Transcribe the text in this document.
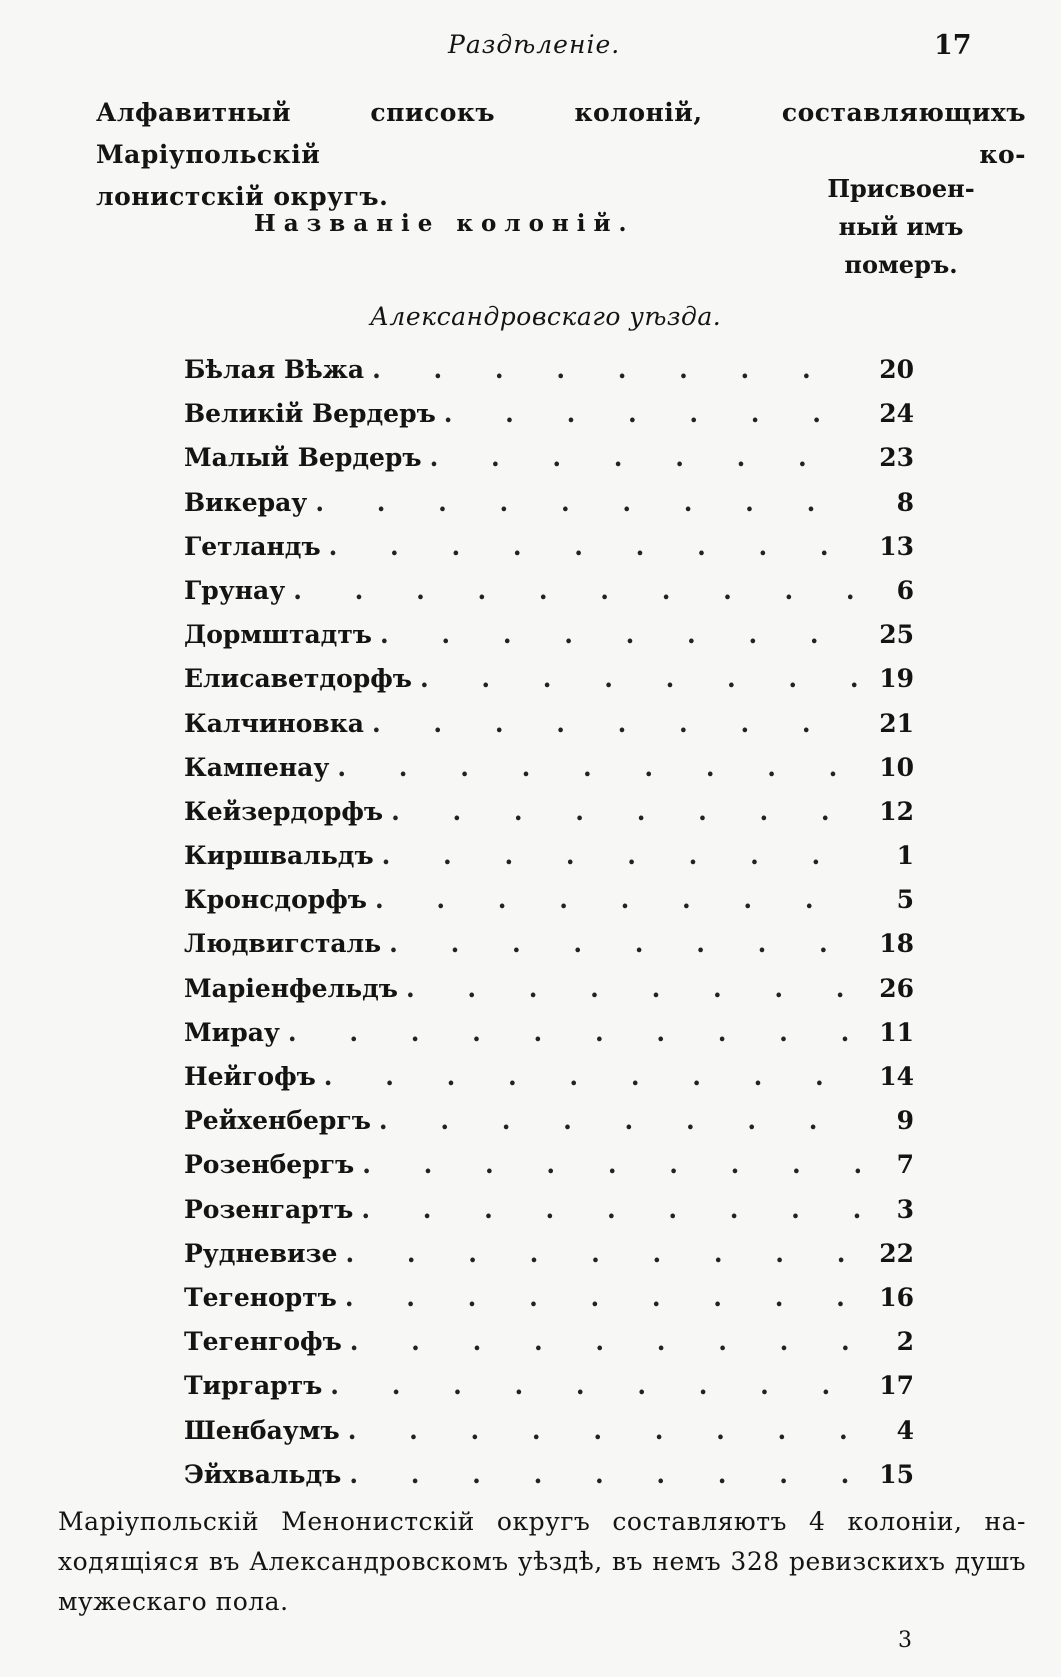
Раздѣленіе.	17
Алфавитный списокъ колоній, составляющихъ Маріупольскій ко-
лонистскій округъ.
Названіе колоній.
Присвоен-
ный имъ
померъ.
Александровскаго уѣзда.
Бѣлая Вѣжа . . .	20
Великій Вердеръ . . .	24
Малый Вердеръ . . .	23
Викерау . . .	8
Гетландъ . . .	13
Грунау . . .	6
Дормштадтъ . . .	25
Елисаветдорфъ . . .	19
Калчиновка . . .	21
Кампенау . . .	10
Кейзердорфъ . . .	12
Киршвальдъ . . .	1
Кронсдорфъ . . .	5
Людвигсталь . . .	18
Маріенфельдъ . . .	26
Мирау . . .	11
Нейгофъ . . .	14
Рейхенбергъ . . .	9
Розенбергъ . . .	7
Розенгартъ . . .	3
Рудневизе . . .	22
Тегенортъ . . .	16
Тегенгофъ . . .	2
Тиргартъ . . .	17
Шенбаумъ . . .	4
Эйхвальдъ . . .	15
Маріупольскій Менонистскій округъ составляютъ 4 колоніи, на-
ходящіяся въ Александровскомъ уѣздѣ, въ немъ 328 ревизскихъ душъ
мужескаго пола.
3
